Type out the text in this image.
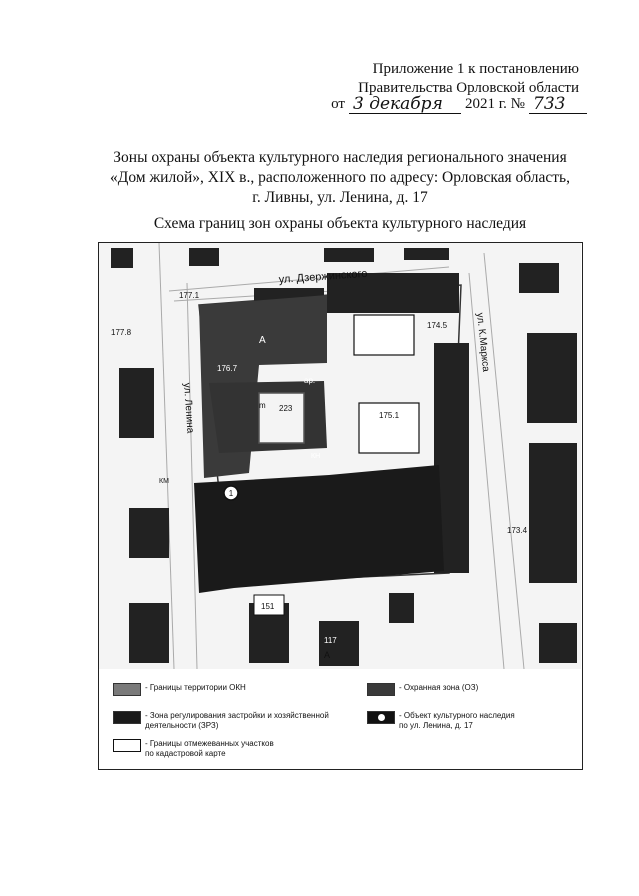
Приложение 1 к постановлению
Правительства Орловской области
от 3 декабря	2021 г. № 733
Зоны охраны объекта культурного наследия регионального значения
«Дом жилой», XIX в., расположенного по адресу: Орловская область,
г. Ливны, ул. Ленина, д. 17
Схема границ зон охраны объекта культурного наследия
1
ул. Дзержинского
ул. Ленина
ул. К.Маркса
177.1
177.8
176.7
174.5
175.1
173.4
А
ар.
m 223
КН
КМ
117
151
А
- Границы территории ОКН	- Охранная зона (ОЗ)
- Зона регулирования застройки и хозяйственной
деятельности (ЗРЗ)
- Объект культурного наследия
по ул. Ленина, д. 17
- Границы отмежеванных участков
по кадастровой карте
